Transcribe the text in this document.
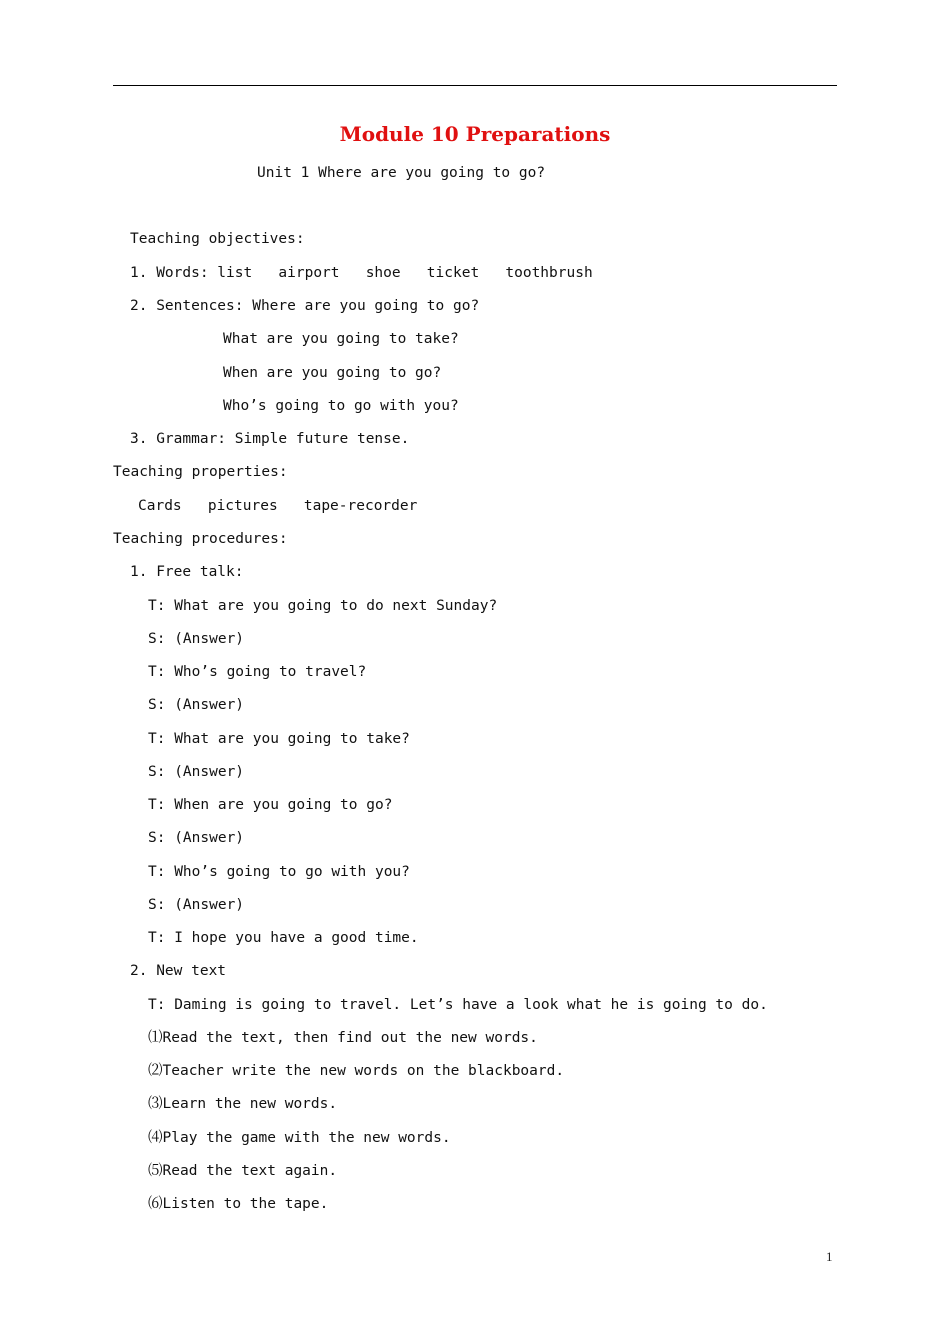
Module 10 Preparations
Unit 1 Where are you going to go?
Teaching objectives:
1. Words: list   airport   shoe   ticket   toothbrush
2. Sentences: Where are you going to go?
What are you going to take?
When are you going to go?
Who’s going to go with you?
3. Grammar: Simple future tense.
Teaching properties:
Cards   pictures   tape-recorder
Teaching procedures:
1. Free talk:
T: What are you going to do next Sunday?
S: (Answer)
T: Who’s going to travel?
S: (Answer)
T: What are you going to take?
S: (Answer)
T: When are you going to go?
S: (Answer)
T: Who’s going to go with you?
S: (Answer)
T: I hope you have a good time.
2. New text
T: Daming is going to travel. Let’s have a look what he is going to do.
⑴Read the text, then find out the new words.
⑵Teacher write the new words on the blackboard.
⑶Learn the new words.
⑷Play the game with the new words.
⑸Read the text again.
⑹Listen to the tape.
1
